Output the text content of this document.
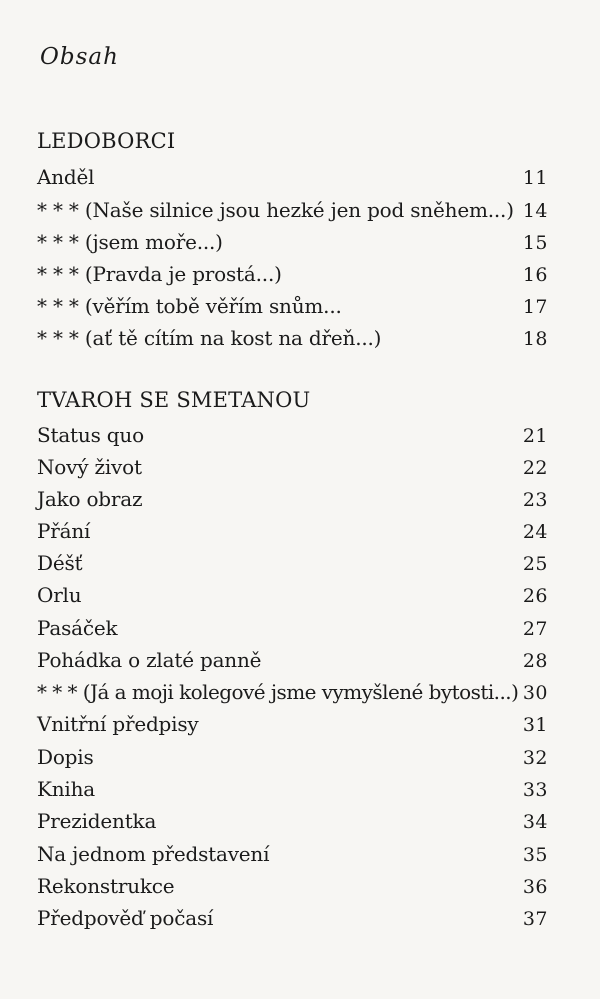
Obsah
LEDOBORCI
Anděl	11
* * * (Naše silnice jsou hezké jen pod sněhem...) 14
* * * (jsem moře...)	15
* * * (Pravda je prostá...)	16
* * * (věřím tobě věřím snům...	17
* * * (ať tě cítím na kost na dřeň...)	18
TVAROH SE SMETANOU
Status quo	21
Nový život	22
Jako obraz	23
Přání	24
Déšť	25
Orlu	26
Pasáček	27
Pohádka o zlaté panně	28
* * * (Já a moji kolegové jsme vymyšlené bytosti...) 30
Vnitřní předpisy	31
Dopis	32
Kniha	33
Prezidentka	34
Na jednom představení	35
Rekonstrukce	36
Předpověď počasí	37
